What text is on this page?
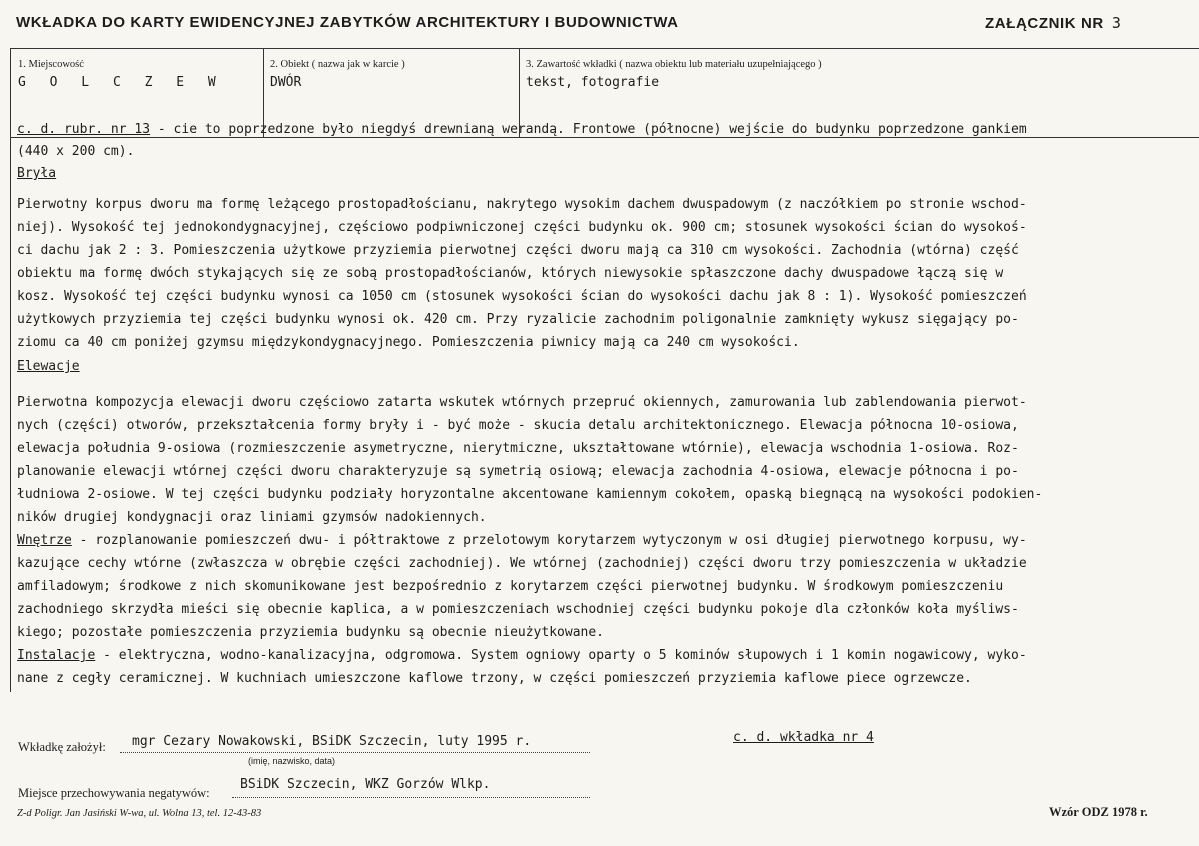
WKŁADKA DO KARTY EWIDENCYJNEJ ZABYTKÓW ARCHITEKTURY I BUDOWNICTWA	ZAŁĄCZNIK NR 3
1. Miejscowość
G O L C Z E W
2. Obiekt ( nazwa jak w karcie )
DWÓR
3. Zawartość wkładki ( nazwa obiektu lub materiału uzupełniającego )
tekst, fotografie
c. d. rubr. nr 13 - cie to poprzedzone było niegdyś drewnianą werandą. Frontowe (północne) wejście do budynku poprzedzone gankiem
(440 x 200 cm).
Bryła
Pierwotny korpus dworu ma formę leżącego prostopadłościanu, nakrytego wysokim dachem dwuspadowym (z naczółkiem po stronie wschod-
niej). Wysokość tej jednokondygnacyjnej, częściowo podpiwniczonej części budynku ok. 900 cm; stosunek wysokości ścian do wysokoś-
ci dachu jak 2 : 3. Pomieszczenia użytkowe przyziemia pierwotnej części dworu mają ca 310 cm wysokości. Zachodnia (wtórna) część
obiektu ma formę dwóch stykających się ze sobą prostopadłościanów, których niewysokie spłaszczone dachy dwuspadowe łączą się w
kosz. Wysokość tej części budynku wynosi ca 1050 cm (stosunek wysokości ścian do wysokości dachu jak 8 : 1). Wysokość pomieszczeń
użytkowych przyziemia tej części budynku wynosi ok. 420 cm. Przy ryzalicie zachodnim poligonalnie zamknięty wykusz sięgający po-
ziomu ca 40 cm poniżej gzymsu międzykondygnacyjnego. Pomieszczenia piwnicy mają ca 240 cm wysokości.
Elewacje
Pierwotna kompozycja elewacji dworu częściowo zatarta wskutek wtórnych przepruć okiennych, zamurowania lub zablendowania pierwot-
nych (części) otworów, przekształcenia formy bryły i - być może - skucia detalu architektonicznego. Elewacja północna 10-osiowa,
elewacja południa 9-osiowa (rozmieszczenie asymetryczne, nierytmiczne, ukształtowane wtórnie), elewacja wschodnia 1-osiowa. Roz-
planowanie elewacji wtórnej części dworu charakteryzuje są symetrią osiową; elewacja zachodnia 4-osiowa, elewacje północna i po-
łudniowa 2-osiowe. W tej części budynku podziały horyzontalne akcentowane kamiennym cokołem, opaską biegnącą na wysokości podokien-
ników drugiej kondygnacji oraz liniami gzymsów nadokiennych.
Wnętrze - rozplanowanie pomieszczeń dwu- i półtraktowe z przelotowym korytarzem wytyczonym w osi długiej pierwotnego korpusu, wy-
kazujące cechy wtórne (zwłaszcza w obrębie części zachodniej). We wtórnej (zachodniej) części dworu trzy pomieszczenia w układzie
amfiladowym; środkowe z nich skomunikowane jest bezpośrednio z korytarzem części pierwotnej budynku. W środkowym pomieszczeniu
zachodniego skrzydła mieści się obecnie kaplica, a w pomieszczeniach wschodniej części budynku pokoje dla członków koła myśliws-
kiego; pozostałe pomieszczenia przyziemia budynku są obecnie nieużytkowane.
Instalacje - elektryczna, wodno-kanalizacyjna, odgromowa. System ogniowy oparty o 5 kominów słupowych i 1 komin nogawicowy, wyko-
nane z cegły ceramicznej. W kuchniach umieszczone kaflowe trzony, w części pomieszczeń przyziemia kaflowe piece ogrzewcze.
Wkładkę założył: mgr Cezary Nowakowski, BSiDK Szczecin, luty 1995 r.
(imię, nazwisko, data)
c. d. wkładka nr 4
Miejsce przechowywania negatywów:
BSiDK Szczecin, WKZ Gorzów Wlkp.
Z-d Poligr. Jan Jasiński W-wa, ul. Wolna 13, tel. 12-43-83	Wzór ODZ 1978 r.
